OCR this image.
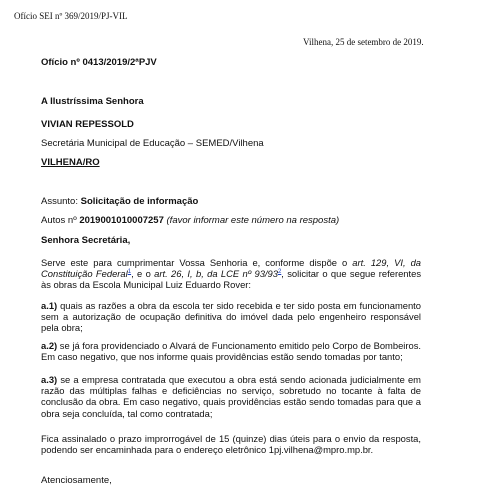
Ofício SEI nº 369/2019/PJ-VIL
Vilhena, 25 de setembro de 2019.
Ofício nº 0413/2019/2ªPJV
A Ilustríssima Senhora
VIVIAN REPESSOLD
Secretária Municipal de Educação – SEMED/Vilhena
VILHENA/RO
Assunto: Solicitação de informação
Autos nº 2019001010007257 (favor informar este número na resposta)
Senhora Secretária,
Serve este para cumprimentar Vossa Senhoria e, conforme dispõe o art. 129, VI, da Constituição Federal$^1$, e o art. 26, I, b, da LCE nº $93/93^2$, solicitar o que segue referentes às obras da Escola Municipal Luiz Eduardo Rover:
a.1) quais as razões a obra da escola ter sido recebida e ter sido posta em funcionamento sem a autorização de ocupação definitiva do imóvel dada pelo engenheiro responsável pela obra;
a.2) se já fora providenciado o Alvará de Funcionamento emitido pelo Corpo de Bombeiros. Em caso negativo, que nos informe quais providências estão sendo tomadas por tanto;
a.3) se a empresa contratada que executou a obra está sendo acionada judicialmente em razão das múltiplas falhas e deficiências no serviço, sobretudo no tocante à falta de conclusão da obra. Em caso negativo, quais providências estão sendo tomadas para que a obra seja concluída, tal como contratada;
Fica assinalado o prazo improrrogável de 15 (quinze) dias úteis para o envio da resposta, podendo ser encaminhada para o endereço eletrônico 1pj.vilhena@mpro.mp.br.
Atenciosamente,
